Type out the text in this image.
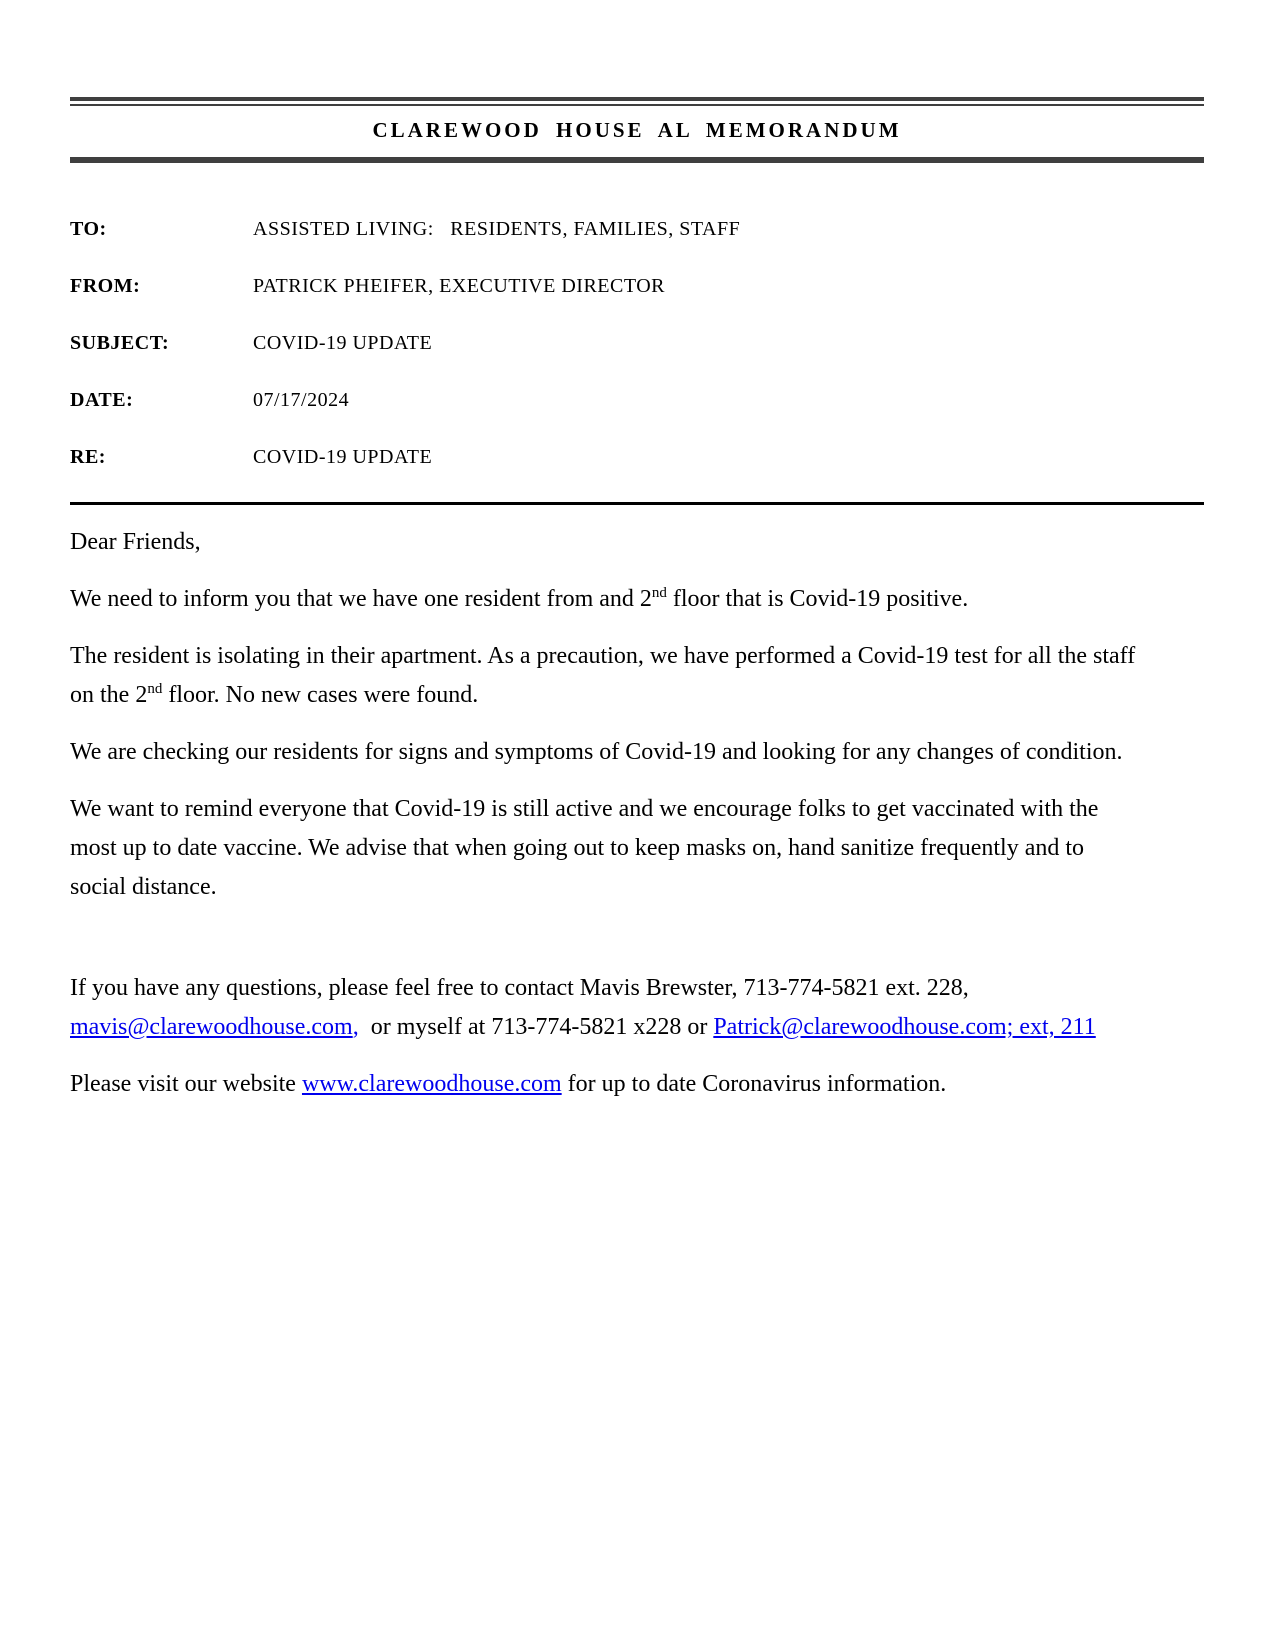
CLAREWOOD HOUSE AL MEMORANDUM
TO:	ASSISTED LIVING:   RESIDENTS, FAMILIES, STAFF
FROM:	PATRICK PHEIFER, EXECUTIVE DIRECTOR
SUBJECT:	COVID-19 UPDATE
DATE:	07/17/2024
RE:	COVID-19 UPDATE
Dear Friends,
We need to inform you that we have one resident from and 2nd floor that is Covid-19 positive.
The resident is isolating in their apartment. As a precaution, we have performed a Covid-19 test for all the staff on the 2nd floor. No new cases were found.
We are checking our residents for signs and symptoms of Covid-19 and looking for any changes of condition.
We want to remind everyone that Covid-19 is still active and we encourage folks to get vaccinated with the most up to date vaccine. We advise that when going out to keep masks on, hand sanitize frequently and to social distance.
If you have any questions, please feel free to contact Mavis Brewster, 713-774-5821 ext. 228, mavis@clarewoodhouse.com,  or myself at 713-774-5821 x228 or Patrick@clarewoodhouse.com; ext, 211
Please visit our website www.clarewoodhouse.com for up to date Coronavirus information.
